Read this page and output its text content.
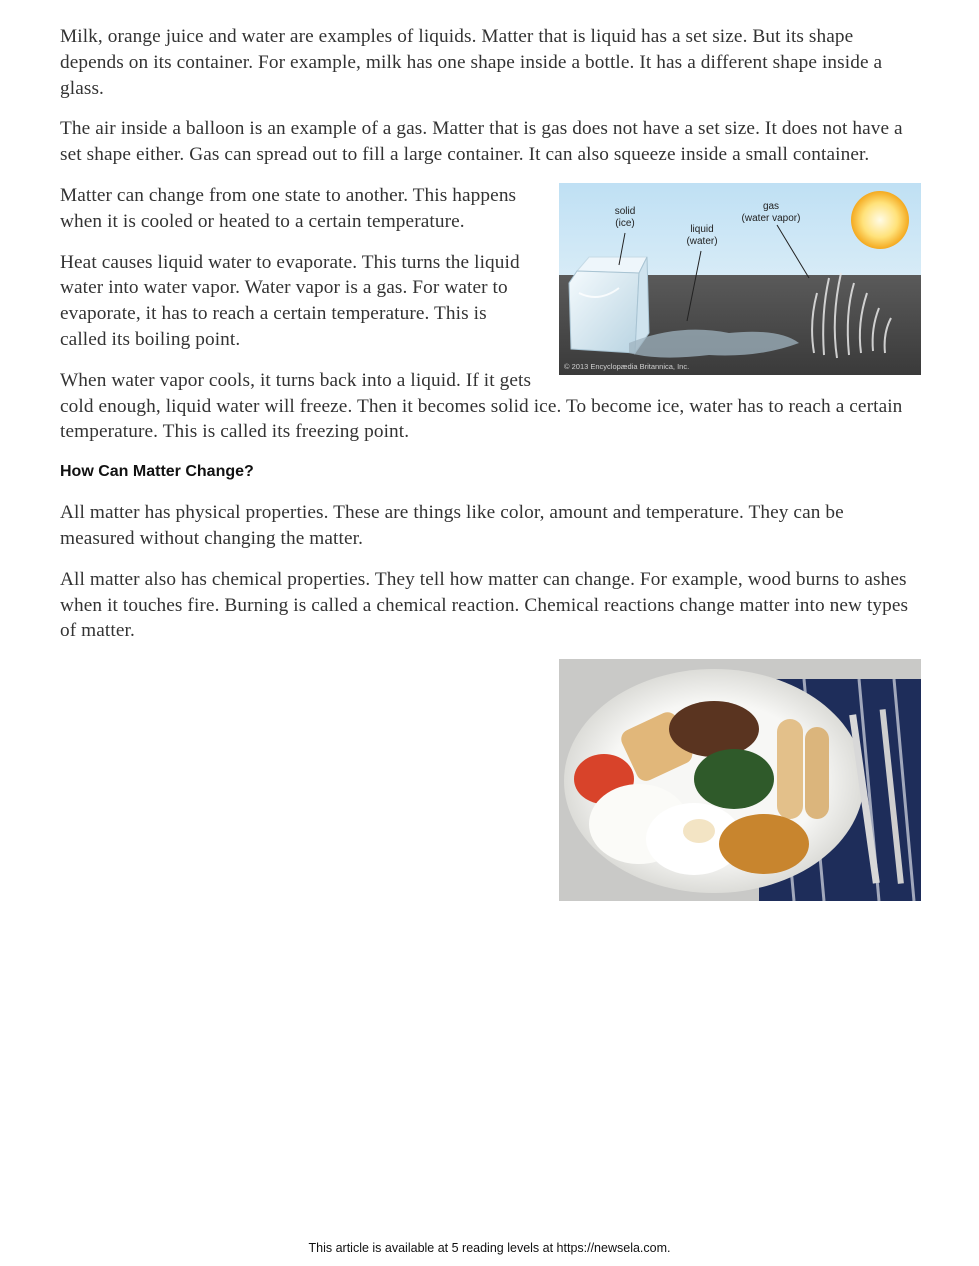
Milk, orange juice and water are examples of liquids. Matter that is liquid has a set size. But its shape depends on its container. For example, milk has one shape inside a bottle. It has a different shape inside a glass.

The air inside a balloon is an example of a gas. Matter that is gas does not have a set size. It does not have a set shape either. Gas can spread out to fill a large container. It can also squeeze inside a small container.

solid
(ice)
liquid
(water)
gas
(water vapor)
© 2013 Encyclopædia Britannica, Inc.

Matter can change from one state to another. This happens when it is cooled or heated to a certain temperature.

Heat causes liquid water to evaporate. This turns the liquid water into water vapor. Water vapor is a gas. For water to evaporate, it has to reach a certain temperature. This is called its boiling point.

When water vapor cools, it turns back into a liquid. If it gets cold enough, liquid water will freeze. Then it becomes solid ice. To become ice, water has to reach a certain temperature. This is called its freezing point.

How Can Matter Change?

All matter has physical properties. These are things like color, amount and temperature. They can be measured without changing the matter.

All matter also has chemical properties. They tell how matter can change. For example, wood burns to ashes when it touches fire. Burning is called a chemical reaction. Chemical reactions change matter into new types of matter.

This article is available at 5 reading levels at https://newsela.com.
